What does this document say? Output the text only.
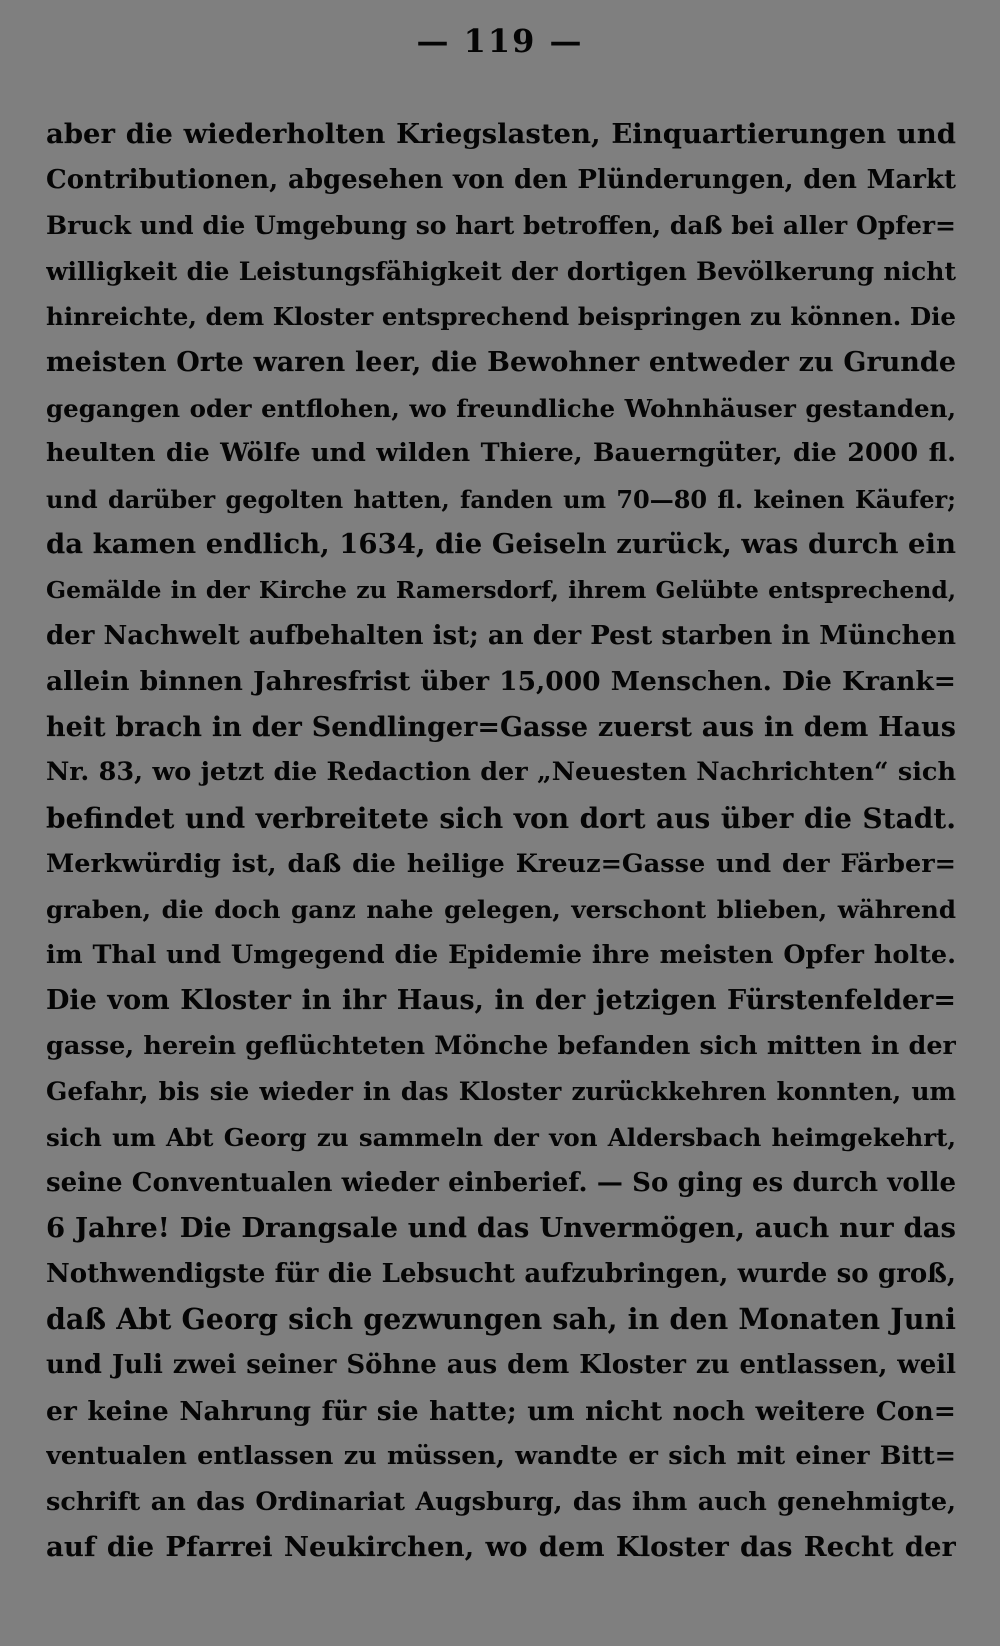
— 119 —
aber die wiederholten Kriegslasten, Einquartierungen und
Contributionen, abgesehen von den Plünderungen, den Markt
Bruck und die Umgebung so hart betroffen, daß bei aller Opfer=
willigkeit die Leistungsfähigkeit der dortigen Bevölkerung nicht
hinreichte, dem Kloster entsprechend beispringen zu können. Die
meisten Orte waren leer, die Bewohner entweder zu Grunde
gegangen oder entflohen, wo freundliche Wohnhäuser gestanden,
heulten die Wölfe und wilden Thiere, Bauerngüter, die 2000 fl.
und darüber gegolten hatten, fanden um 70—80 fl. keinen Käufer;
da kamen endlich, 1634, die Geiseln zurück, was durch ein
Gemälde in der Kirche zu Ramersdorf, ihrem Gelübte entsprechend,
der Nachwelt aufbehalten ist; an der Pest starben in München
allein binnen Jahresfrist über 15,000 Menschen. Die Krank=
heit brach in der Sendlinger=Gasse zuerst aus in dem Haus
Nr. 83, wo jetzt die Redaction der „Neuesten Nachrichten“ sich
befindet und verbreitete sich von dort aus über die Stadt.
Merkwürdig ist, daß die heilige Kreuz=Gasse und der Färber=
graben, die doch ganz nahe gelegen, verschont blieben, während
im Thal und Umgegend die Epidemie ihre meisten Opfer holte.
Die vom Kloster in ihr Haus, in der jetzigen Fürstenfelder=
gasse, herein geflüchteten Mönche befanden sich mitten in der
Gefahr, bis sie wieder in das Kloster zurückkehren konnten, um
sich um Abt Georg zu sammeln der von Aldersbach heimgekehrt,
seine Conventualen wieder einberief. — So ging es durch volle
6 Jahre! Die Drangsale und das Unvermögen, auch nur das
Nothwendigste für die Lebsucht aufzubringen, wurde so groß,
daß Abt Georg sich gezwungen sah, in den Monaten Juni
und Juli zwei seiner Söhne aus dem Kloster zu entlassen, weil
er keine Nahrung für sie hatte; um nicht noch weitere Con=
ventualen entlassen zu müssen, wandte er sich mit einer Bitt=
schrift an das Ordinariat Augsburg, das ihm auch genehmigte,
auf die Pfarrei Neukirchen, wo dem Kloster das Recht der
